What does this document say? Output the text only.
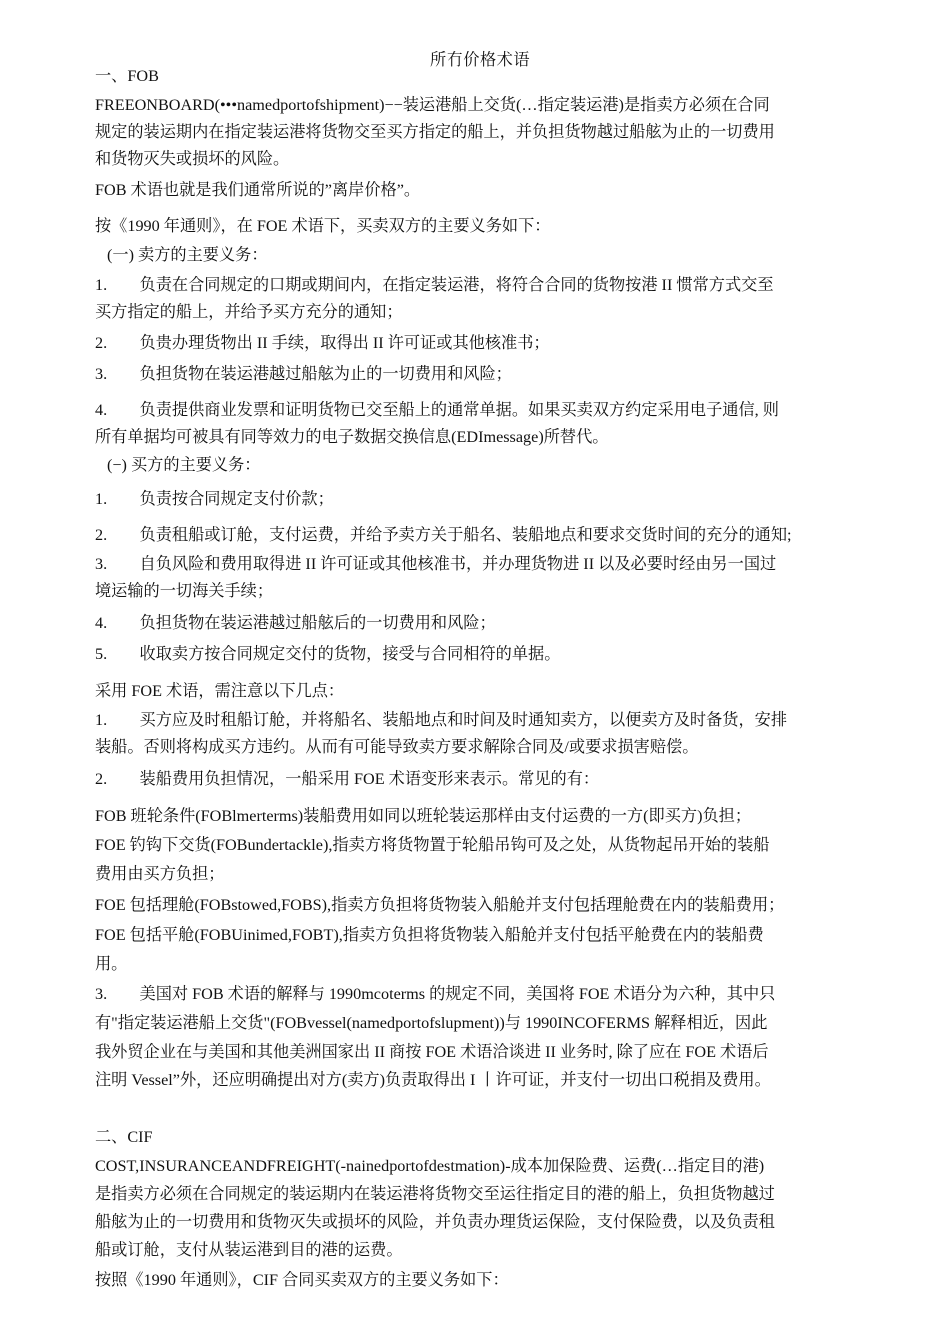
所冇价格术语
一、FOB
FREEONBOARD(•••namedportofshipment)−−装运港船上交货(…指定装运港)是指卖方必须在合同
规定的装运期内在指定装运港将货物交至买方指定的船上，并负担货物越过船舷为止的一切费用
和货物灭失或损坏的风险。
FOB 术语也就是我们通常所说的”离岸价格”。
按《1990 年通则》，在 FOE 术语下，买卖双方的主要义务如下：
(一) 卖方的主要义务：
1.  负责在合同规定的口期或期间内，在指定装运港，将符合合同的货物按港 II 惯常方式交至
买方指定的船上，并给予买方充分的通知；
2.  负贵办理货物出 II 手续，取得出 II 许可证或其他核准书；
3.  负担货物在装运港越过船舷为止的一切费用和风险；
4.  负责提供商业发票和证明货物已交至船上的通常单据。如果买卖双方约定采用电子通信, 则
所有单据均可被具有同等效力的电子数据交换信息(EDImessage)所替代。
(−) 买方的主要义务：
1.  负责按合同规定支付价款；
2.  负责租船或订舱，支付运费，并给予卖方关于船名、装船地点和要求交货时间的充分的通知;
3.  自负风险和费用取得进 II 许可证或其他核准书，并办理货物进 II 以及必要时经由另一国过
境运输的一切海关手续；
4.  负担货物在装运港越过船舷后的一切费用和风险；
5.  收取卖方按合同规定交付的货物，接受与合同相符的单据。
采用 FOE 术语，需注意以下几点：
1.  买方应及时租船订舱，并将船名、装船地点和时间及时通知卖方，以便卖方及时备货，安排
装船。否则将构成买方违约。从而有可能导致卖方要求解除合同及/或要求损害赔偿。
2.  装船费用负担情况，一船采用 FOE 术语变形来表示。常见的有：
FOB 班轮条件(FOBlmerterms)装船费用如同以班轮装运那样由支付运费的一方(即买方)负担；
FOE 钓钩下交货(FOBundertackle),指卖方将货物置于轮船吊钩可及之处，从货物起吊开始的装船
费用由买方负担；
FOE 包括理舱(FOBstowed,FOBS),指卖方负担将货物装入船舱并支付包括理舱费在内的装船费用；
FOE 包括平舱(FOBUinimed,FOBT),指卖方负担将货物装入船舱并支付包括平舱费在内的装船费
用。
3.  美国对 FOB 术语的解释与 1990mcoterms 的规定不同，美国将 FOE 术语分为六种，其中只
有"指定装运港船上交货"(FOBvessel(namedportofslupment))与 1990INCOFERMS 解释相近，因此
我外贸企业在与美国和其他美洲国家出 II 商按 FOE 术语洽谈进 II 业务时, 除了应在 FOE 术语后
注明 Vessel”外，还应明确提出对方(卖方)负责取得出 I 丨许可证，并支付一切出口税捐及费用。
二、CIF
COST,INSURANCEANDFREIGHT(-nainedportofdestmation)-成本加保险费、运费(…指定目的港)
是指卖方必须在合同规定的装运期内在装运港将货物交至运往指定目的港的船上，负担货物越过
船舷为止的一切费用和货物灭失或损坏的风险，并负责办理货运保险，支付保险费，以及负责租
船或订舱，支付从装运港到目的港的运费。
按照《1990 年通则》，CIF 合同买卖双方的主要义务如下：
